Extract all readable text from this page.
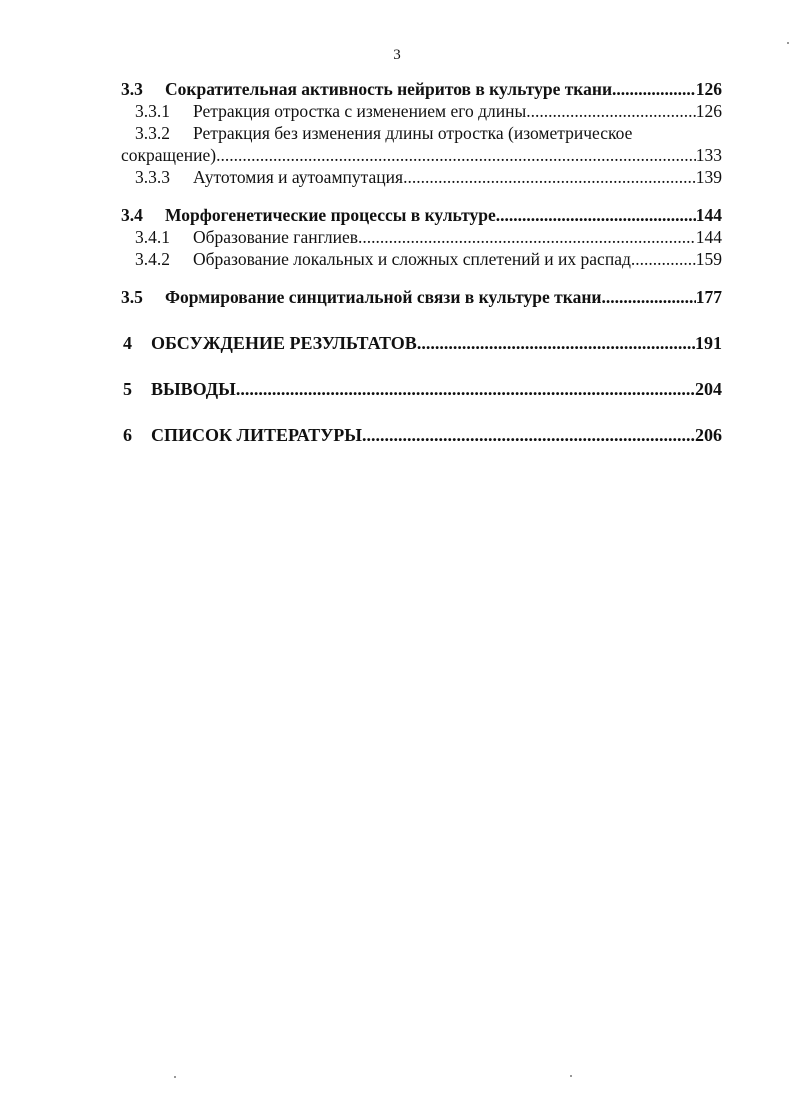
3
3.3	Сократительная активность нейритов в культуре ткани .....	126
3.3.1	Ретракция отростка с изменением его длины .....	126
3.3.2	Ретракция без изменения длины отростка (изометрическое
сокращение). .....	133
3.3.3	Аутотомия и аутоампутация .....	139
3.4	Морфогенетические процессы в культуре .....	144
3.4.1	Образование ганглиев. .....	144
3.4.2	Образование локальных и сложных сплетений и их распад .....	159
3.5	Формирование синцитиальной связи в культуре ткани. .....	177
4	ОБСУЖДЕНИЕ РЕЗУЛЬТАТОВ .....	191
5	ВЫВОДЫ .....	204
6	СПИСОК ЛИТЕРАТУРЫ .....	206
